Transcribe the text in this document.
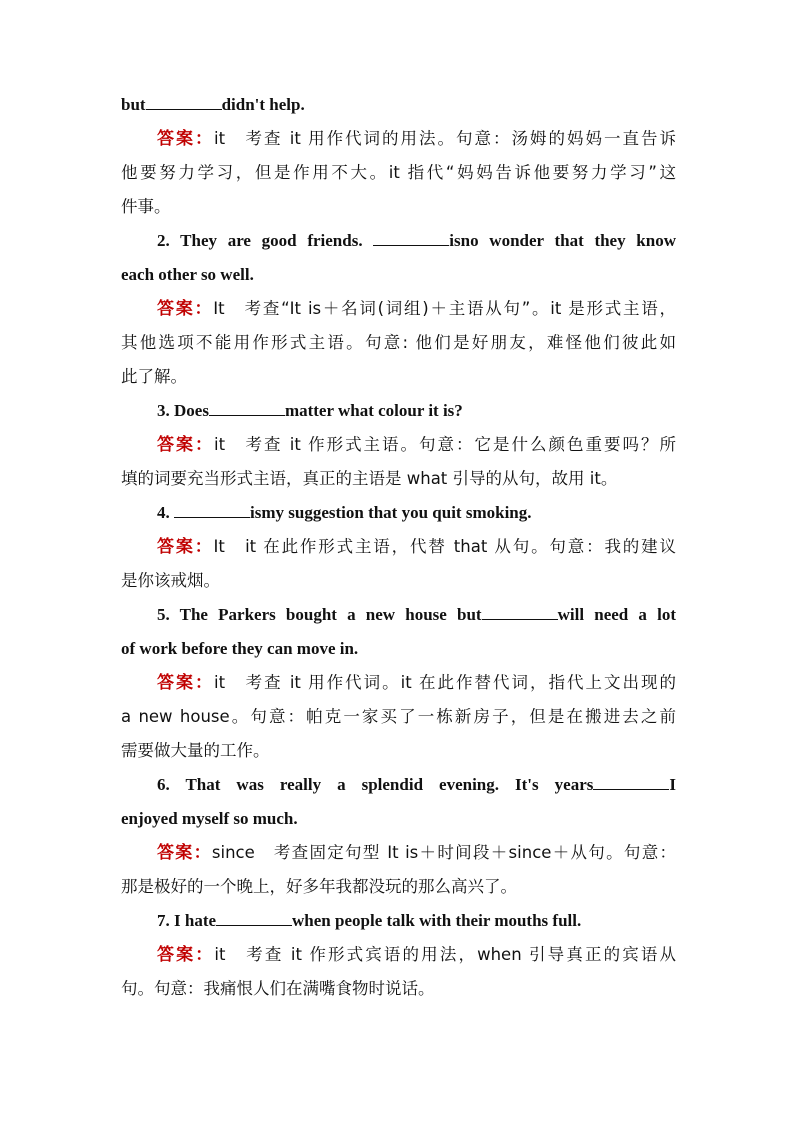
but	didn't help.
答案：it　考查 it 用作代词的用法。句意：汤姆的妈妈一直告诉
他要努力学习，但是作用不大。it 指代“妈妈告诉他要努力学习”这
件事。
2. They are good friends.	isno wonder that they know
each other so well.
答案：It　考查“It is＋名词(词组)＋主语从句”。it 是形式主语，
其他选项不能用作形式主语。句意: 他们是好朋友，难怪他们彼此如
此了解。
3. Does	matter what colour it is?
答案：it　考查 it 作形式主语。句意：它是什么颜色重要吗？所
填的词要充当形式主语，真正的主语是 what 引导的从句，故用 it。
4.	ismy suggestion that you quit smoking.
答案：It　it 在此作形式主语，代替 that 从句。句意：我的建议
是你该戒烟。
5. The Parkers bought a new house but	will need a lot
of work before they can move in.
答案：it　考查 it 用作代词。it 在此作替代词，指代上文出现的
a new house。句意：帕克一家买了一栋新房子，但是在搬进去之前
需要做大量的工作。
6. That was really a splendid evening. It's years	I
enjoyed myself so much.
答案：since　考查固定句型 It is＋时间段＋since＋从句。句意：
那是极好的一个晚上，好多年我都没玩的那么高兴了。
7. I hate	when people talk with their mouths full.
答案：it　考查 it 作形式宾语的用法，when 引导真正的宾语从
句。句意：我痛恨人们在满嘴食物时说话。
